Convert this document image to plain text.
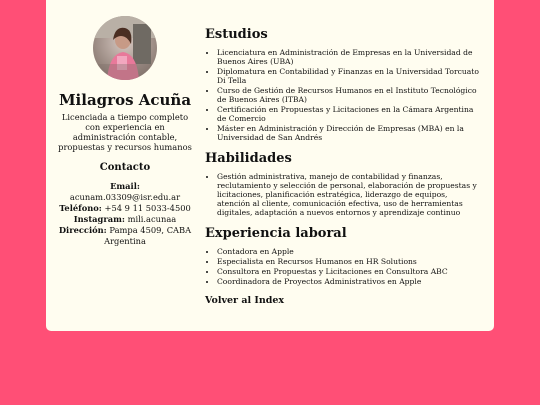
Milagros Acuña
Licenciada a tiempo completo con experiencia en administración contable, propuestas y recursos humanos
Contacto

Email: acunam.03309@isr.edu.ar

Teléfono: +54 9 11 5033-4500

Instagram: mili.acunaa

Dirección: Pampa 4509, CABA Argentina

Estudios
• Licenciatura en Administración de Empresas en la Universidad de Buenos Aires (UBA)
• Diplomatura en Contabilidad y Finanzas en la Universidad Torcuato Di Tella
• Curso de Gestión de Recursos Humanos en el Instituto Tecnológico de Buenos Aires (ITBA)
• Certificación en Propuestas y Licitaciones en la Cámara Argentina de Comercio
• Máster en Administración y Dirección de Empresas (MBA) en la Universidad de San Andrés
Habilidades
• Gestión administrativa, manejo de contabilidad y finanzas, reclutamiento y selección de personal, elaboración de propuestas y licitaciones, planificación estratégica, liderazgo de equipos, atención al cliente, comunicación efectiva, uso de herramientas digitales, adaptación a nuevos entornos y aprendizaje continuo
Experiencia laboral
• Contadora en Apple
• Especialista en Recursos Humanos en HR Solutions
• Consultora en Propuestas y Licitaciones en Consultora ABC
• Coordinadora de Proyectos Administrativos en Apple
Volver al Index
